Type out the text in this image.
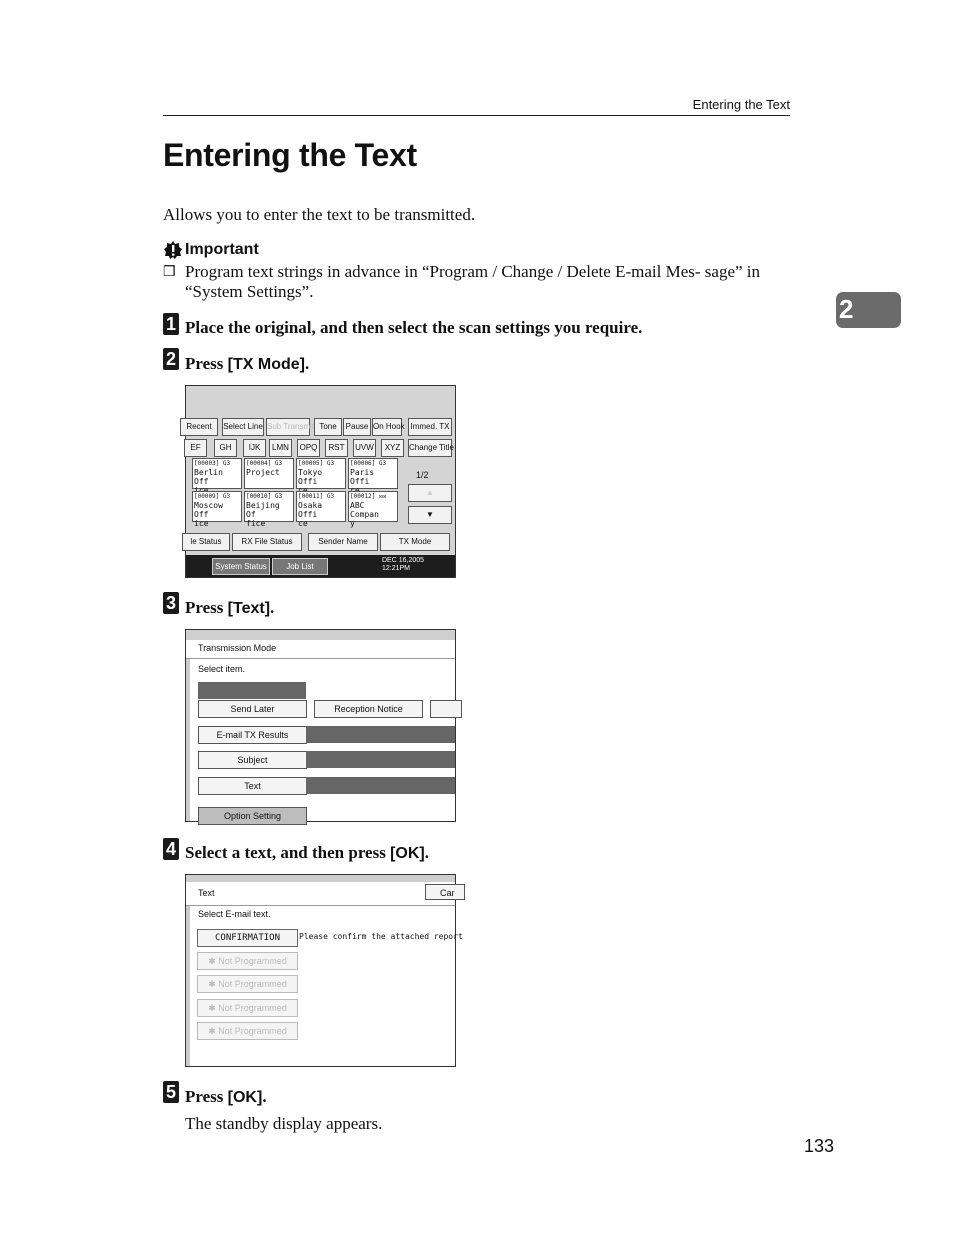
Entering the Text
Entering the Text
Allows you to enter the text to be transmitted.
Important
❒ Program text strings in advance in “Program / Change / Delete E-mail Mes- sage” in “System Settings”.
2
1 Place the original, and then select the scan settings you require.
2 Press [TX Mode].
Recent	Select Line Sub Transmit Tone	Pause On Hook Immed. TX
EF	GH	IJK	LMN	OPQ	RST	UVW	XYZ	Change Title
[00003] G3
Berlin Off
[00004] G3
Project
[00005] G3
Tokyo Offi
[00006] G3
Paris Offi
[00009] G3
Moscow Off
ice
[00010] G3
Beijing Of
fice
[00011] G3
Osaka Offi
ce
[00012] ✉✉
ABC Compan
y
1/2
▲
▼
le Status	RX File Status	Sender Name	TX Mode
System Status	Job List
DEC 16,2005
12:21PM
3 Press [Text].
Transmission Mode
Select item.
Send Later	Reception Notice
E-mail TX Results
Subject
Text
Option Setting
4 Select a text, and then press [OK].
Text	Car
Select E-mail text.
CONFIRMATION	Please confirm the attached report
✱ Not Programmed
✱ Not Programmed
✱ Not Programmed
✱ Not Programmed
5 Press [OK].
The standby display appears.
133
